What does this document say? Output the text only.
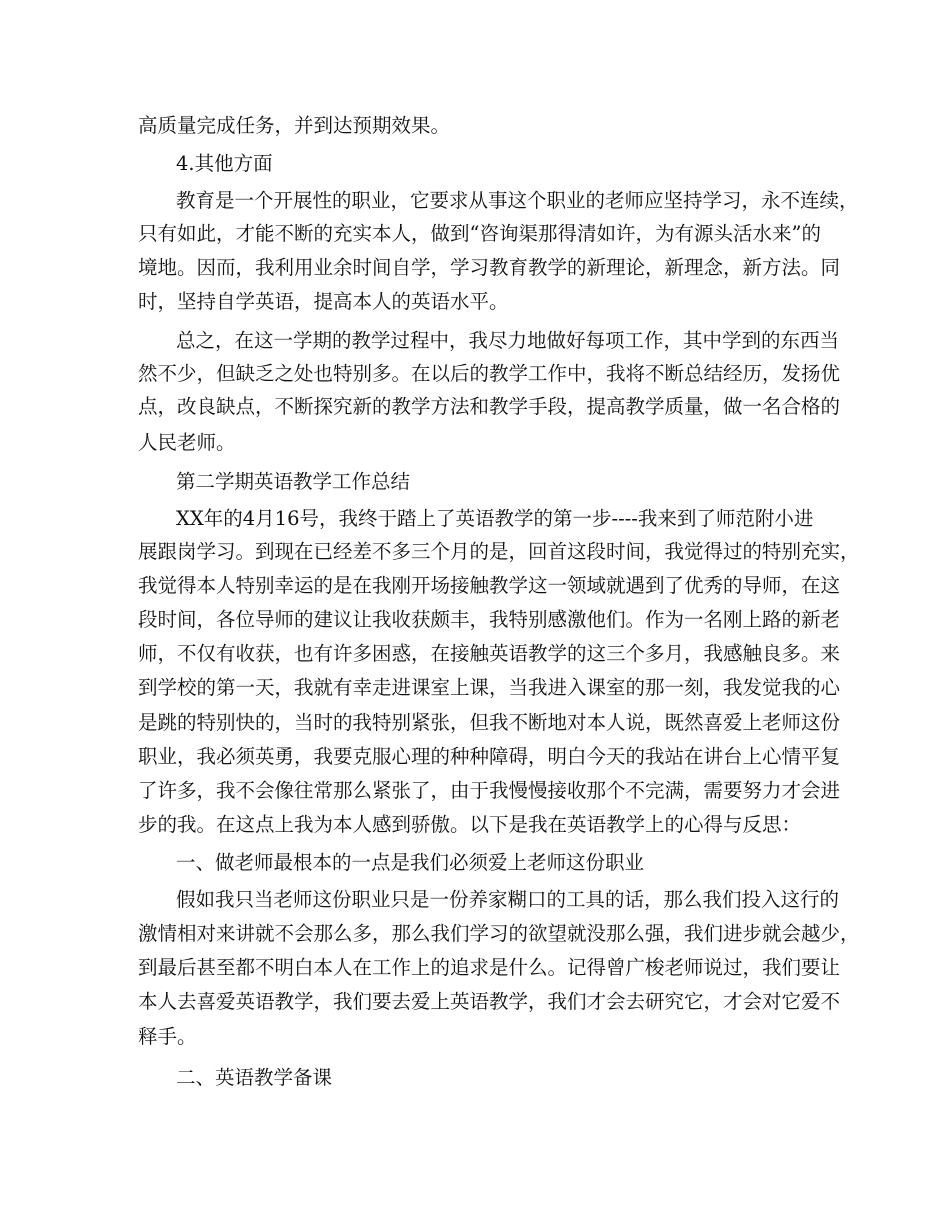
高质量完成任务，并到达预期效果。
4.其他方面
教育是一个开展性的职业，它要求从事这个职业的老师应坚持学习，永不连续，
只有如此，才能不断的充实本人，做到“咨询渠那得清如许，为有源头活水来”的
境地。因而，我利用业余时间自学，学习教育教学的新理论，新理念，新方法。同
时，坚持自学英语，提高本人的英语水平。
总之，在这一学期的教学过程中，我尽力地做好每项工作，其中学到的东西当
然不少，但缺乏之处也特别多。在以后的教学工作中，我将不断总结经历，发扬优
点，改良缺点，不断探究新的教学方法和教学手段，提高教学质量，做一名合格的
人民老师。
第二学期英语教学工作总结
XX年的4月16号，我终于踏上了英语教学的第一步----我来到了师范附小进
展跟岗学习。到现在已经差不多三个月的是，回首这段时间，我觉得过的特别充实，
我觉得本人特别幸运的是在我刚开场接触教学这一领域就遇到了优秀的导师，在这
段时间，各位导师的建议让我收获颇丰，我特别感激他们。作为一名刚上路的新老
师，不仅有收获，也有许多困惑，在接触英语教学的这三个多月，我感触良多。来
到学校的第一天，我就有幸走进课室上课，当我进入课室的那一刻，我发觉我的心
是跳的特别快的，当时的我特别紧张，但我不断地对本人说，既然喜爱上老师这份
职业，我必须英勇，我要克服心理的种种障碍，明白今天的我站在讲台上心情平复
了许多，我不会像往常那么紧张了，由于我慢慢接收那个不完满，需要努力才会进
步的我。在这点上我为本人感到骄傲。以下是我在英语教学上的心得与反思：
一、做老师最根本的一点是我们必须爱上老师这份职业
假如我只当老师这份职业只是一份养家糊口的工具的话，那么我们投入这行的
激情相对来讲就不会那么多，那么我们学习的欲望就没那么强，我们进步就会越少，
到最后甚至都不明白本人在工作上的追求是什么。记得曾广梭老师说过，我们要让
本人去喜爱英语教学，我们要去爱上英语教学，我们才会去研究它，才会对它爱不
释手。
二、英语教学备课
